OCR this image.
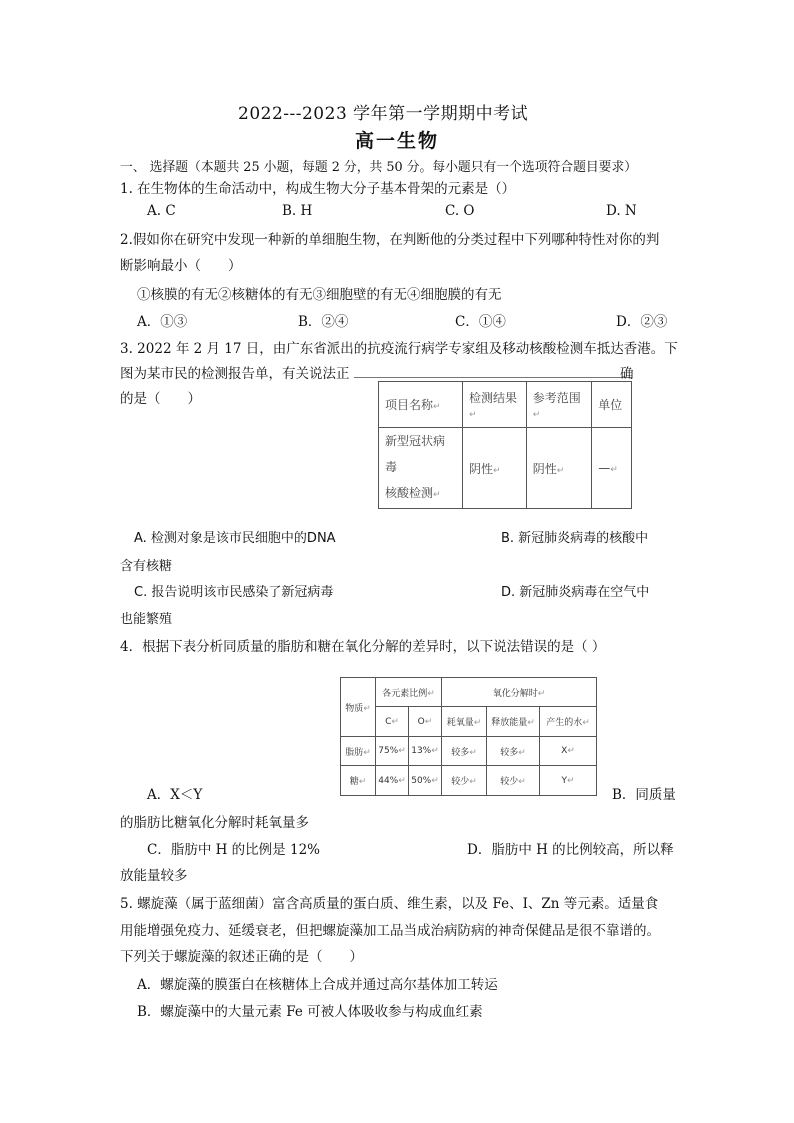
2022---2023 学年第一学期期中考试
高一生物
一、 选择题（本题共 25 小题，每题 2 分，共 50 分。每小题只有一个选项符合题目要求）
1. 在生物体的生命活动中，构成生物大分子基本骨架的元素是（）
A. C	B. H	C. O	D. N
2.假如你在研究中发现一种新的单细胞生物，在判断他的分类过程中下列哪种特性对你的判
断影响最小（　　）
①核膜的有无②核糖体的有无③细胞壁的有无④细胞膜的有无
A．①③	B．②④	C．①④	D．②③
3. 2022 年 2 月 17 日，由广东省派出的抗疫流行病学专家组及移动核酸检测车抵达香港。下
图为某市民的检测报告单，有关说法正	确
的是（　　）	项目名称↵	检测结果↵	参考范围↵	单位
新型冠状病毒
核酸检测↵	阴性↵	阴性↵	—↵
A. 检测对象是该市民细胞中的DNA	B. 新冠肺炎病毒的核酸中
含有核糖
C. 报告说明该市民感染了新冠病毒	D. 新冠肺炎病毒在空气中
也能繁殖
4．根据下表分析同质量的脂肪和糖在氧化分解的差异时，以下说法错误的是（ ）
物质↵	各元素比例↵		氧化分解时↵		
	C↵	O↵	耗氧量↵	释放能量↵	产生的水↵
脂肪↵	75%↵	13%↵	较多↵	较多↵	X↵
糖↵	44%↵	50%↵	较少↵	较少↵	Y↵
A．X＜Y	B．同质量
的脂肪比糖氧化分解时耗氧量多
C．脂肪中 H 的比例是 12%	D．脂肪中 H 的比例较高，所以释
放能量较多
5. 螺旋藻（属于蓝细菌）富含高质量的蛋白质、维生素，以及 Fe、I、Zn 等元素。适量食
用能增强免疫力、延缓衰老，但把螺旋藻加工品当成治病防病的神奇保健品是很不靠谱的。
下列关于螺旋藻的叙述正确的是（　　）
A．螺旋藻的膜蛋白在核糖体上合成并通过高尔基体加工转运
B．螺旋藻中的大量元素 Fe 可被人体吸收参与构成血红素
